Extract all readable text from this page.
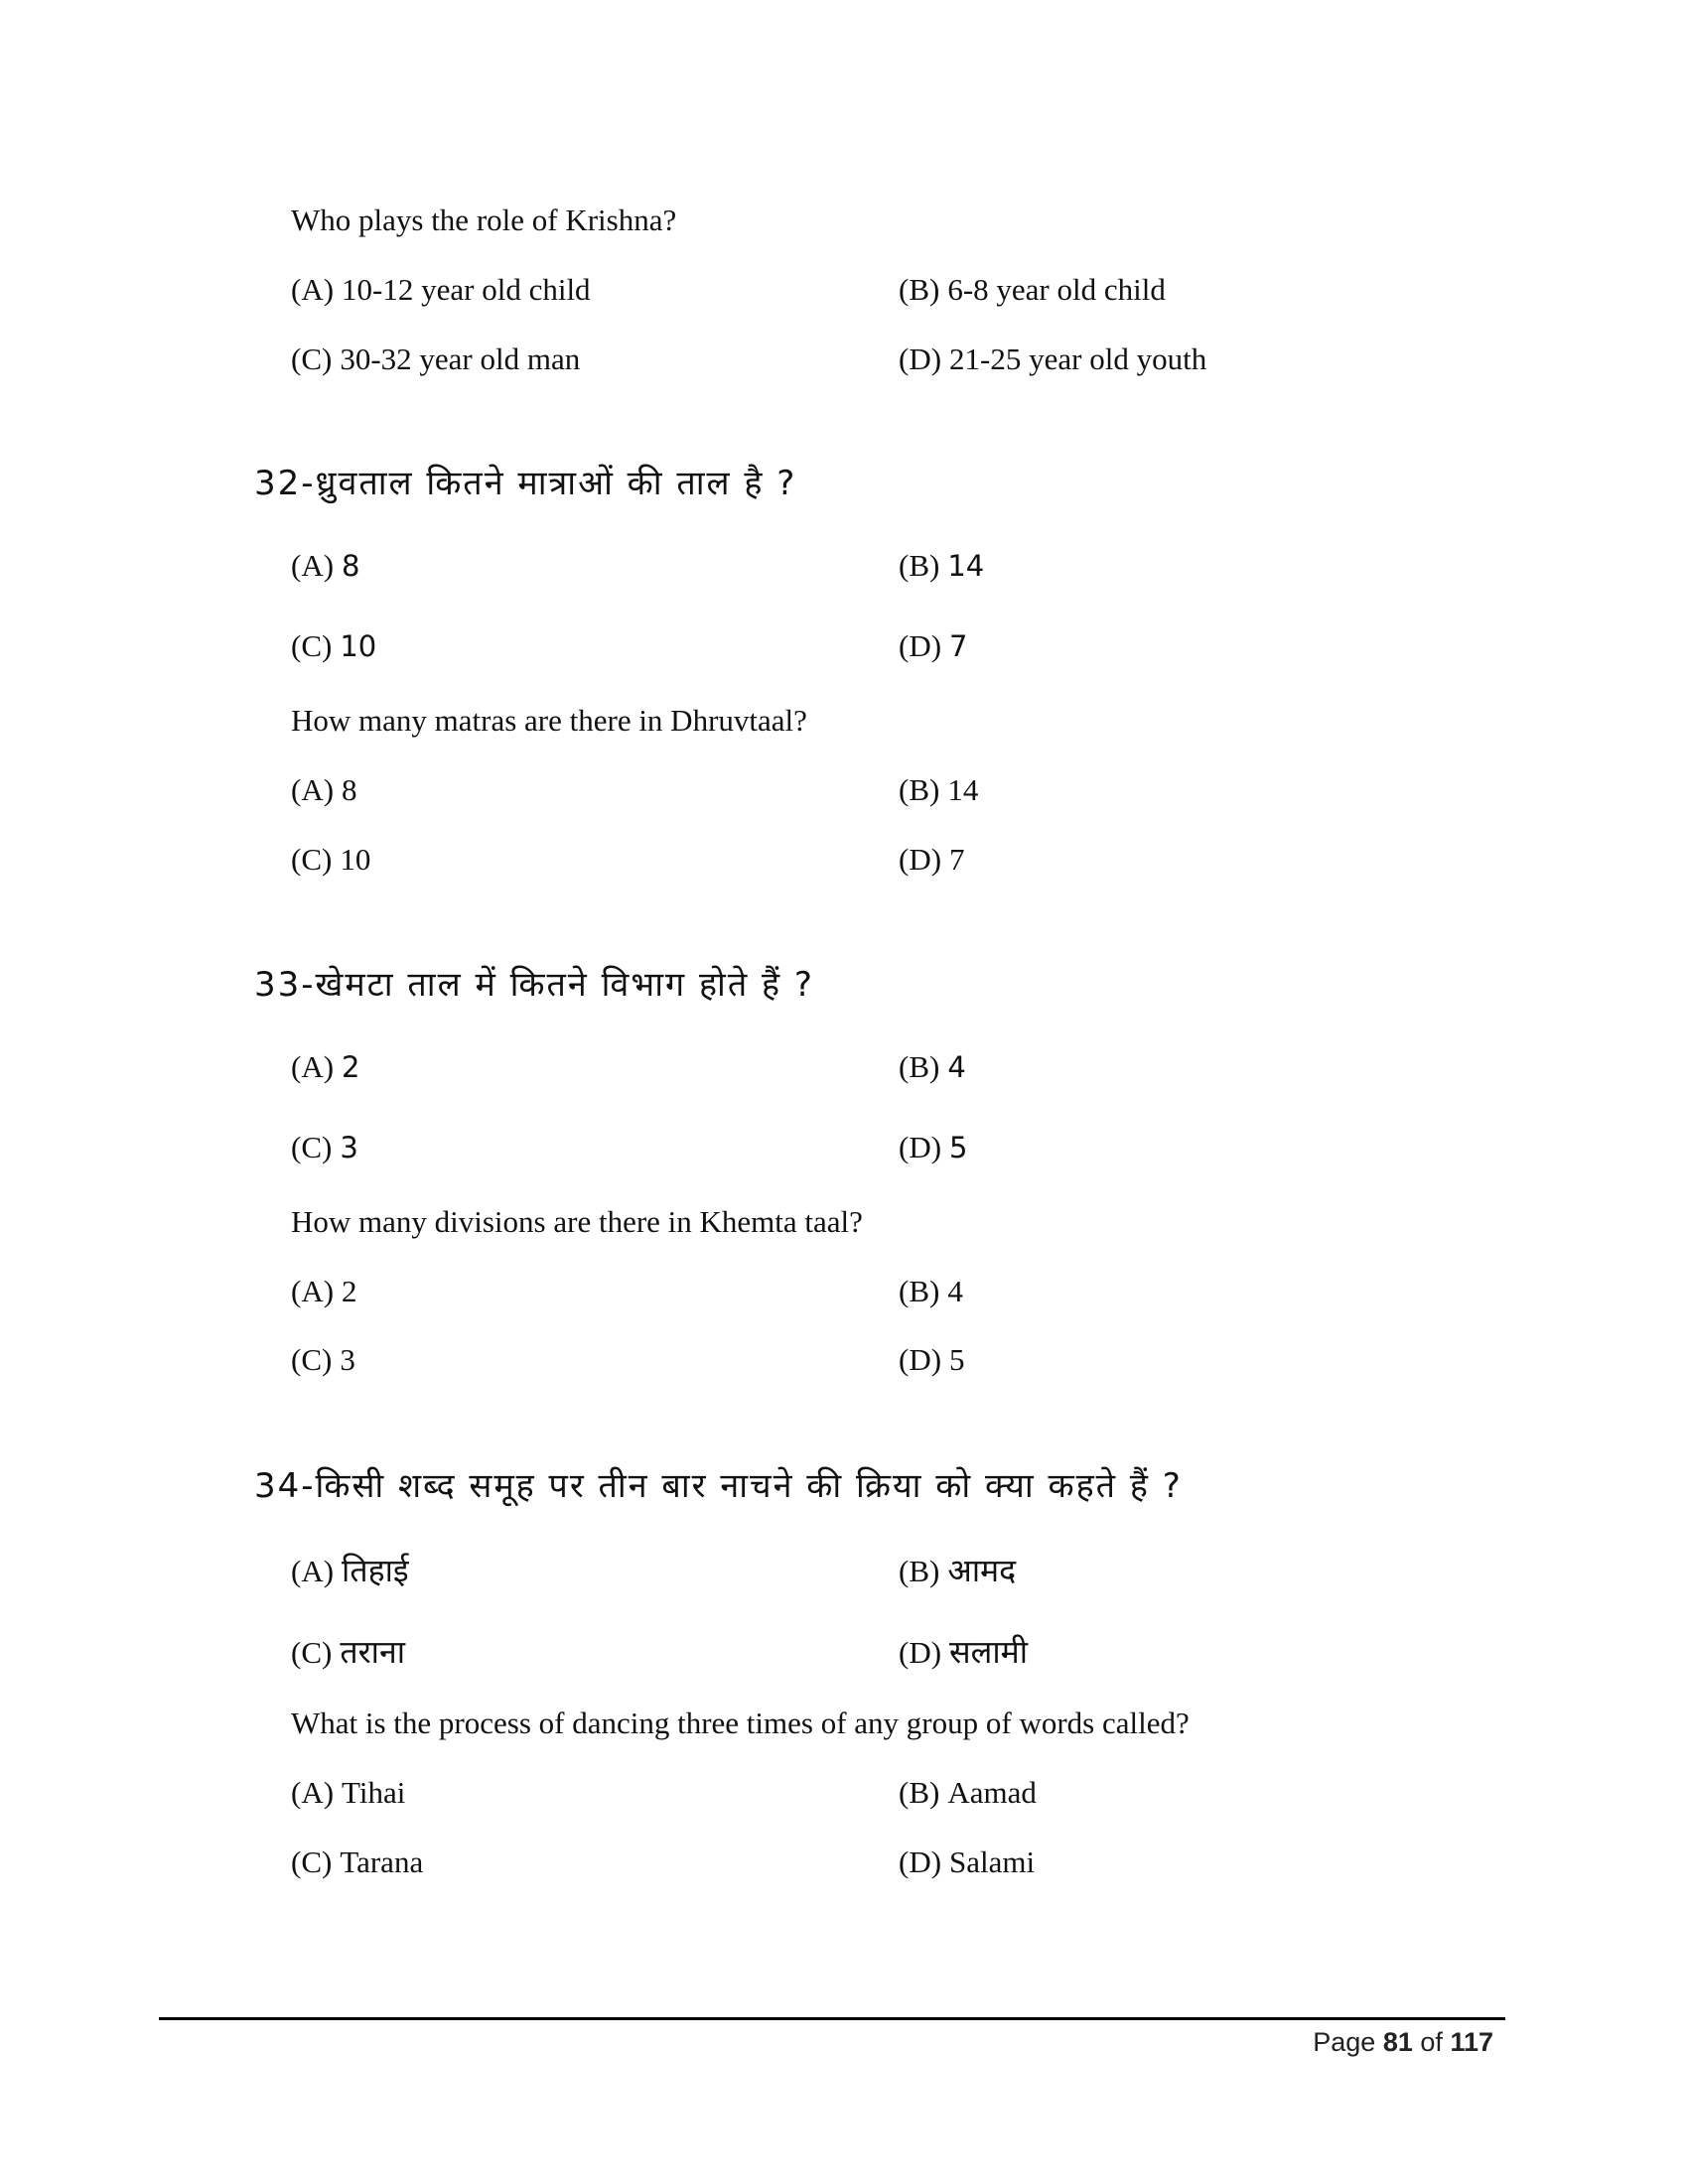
Who plays the role of Krishna?
(A) 10-12 year old child	(B) 6-8 year old child
(C) 30-32 year old man	(D) 21-25 year old youth
32-ध्रुवताल कितने मात्राओं की ताल है ?
(A) 8	(B) 14
(C) 10	(D) 7
How many matras are there in Dhruvtaal?
(A) 8	(B) 14
(C) 10	(D) 7
33-खेमटा ताल में कितने विभाग होते हैं ?
(A) 2	(B) 4
(C) 3	(D) 5
How many divisions are there in Khemta taal?
(A) 2	(B) 4
(C) 3	(D) 5
34-किसी शब्द समूह पर तीन बार नाचने की क्रिया को क्या कहते हैं ?
(A) तिहाई	(B) आमद
(C) तराना	(D) सलामी
What is the process of dancing three times of any group of words called?
(A) Tihai	(B) Aamad
(C) Tarana	(D) Salami
Page 81 of 117
